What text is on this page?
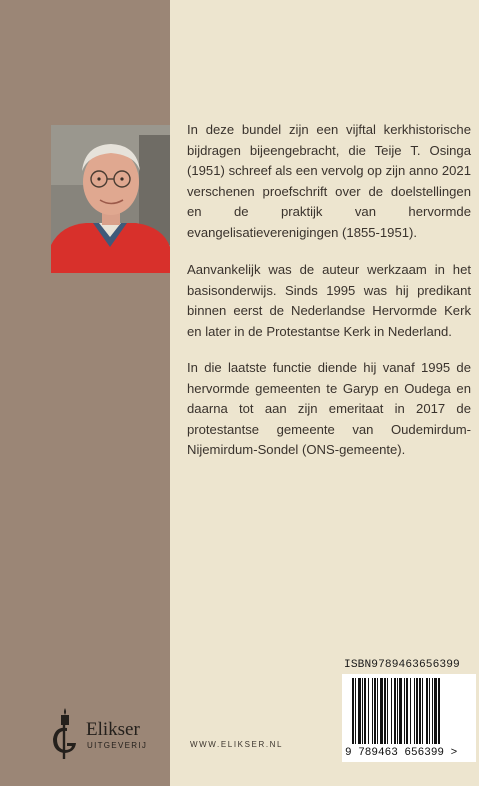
In deze bundel zijn een vijftal kerkhistorische bijdragen bijeengebracht, die Teije T. Osinga (1951) schreef als een vervolg op zijn anno 2021 verschenen proefschrift over de doelstellingen en de praktijk van hervormde evangelisatieverenigingen (1855-1951).

Aanvankelijk was de auteur werkzaam in het basisonderwijs. Sinds 1995 was hij predikant binnen eerst de Nederlandse Hervormde Kerk en later in de Protestantse Kerk in Nederland.

In die laatste functie diende hij vanaf 1995 de hervormde gemeenten te Garyp en Oudega en daarna tot aan zijn emeritaat in 2017 de protestantse gemeente van Oudemirdum-Nijemirdum-Sondel (ONS-gemeente).

Elikser
UITGEVERIJ	WWW.ELIKSER.NL
ISBN9789463656399
9 789463 656399 >
